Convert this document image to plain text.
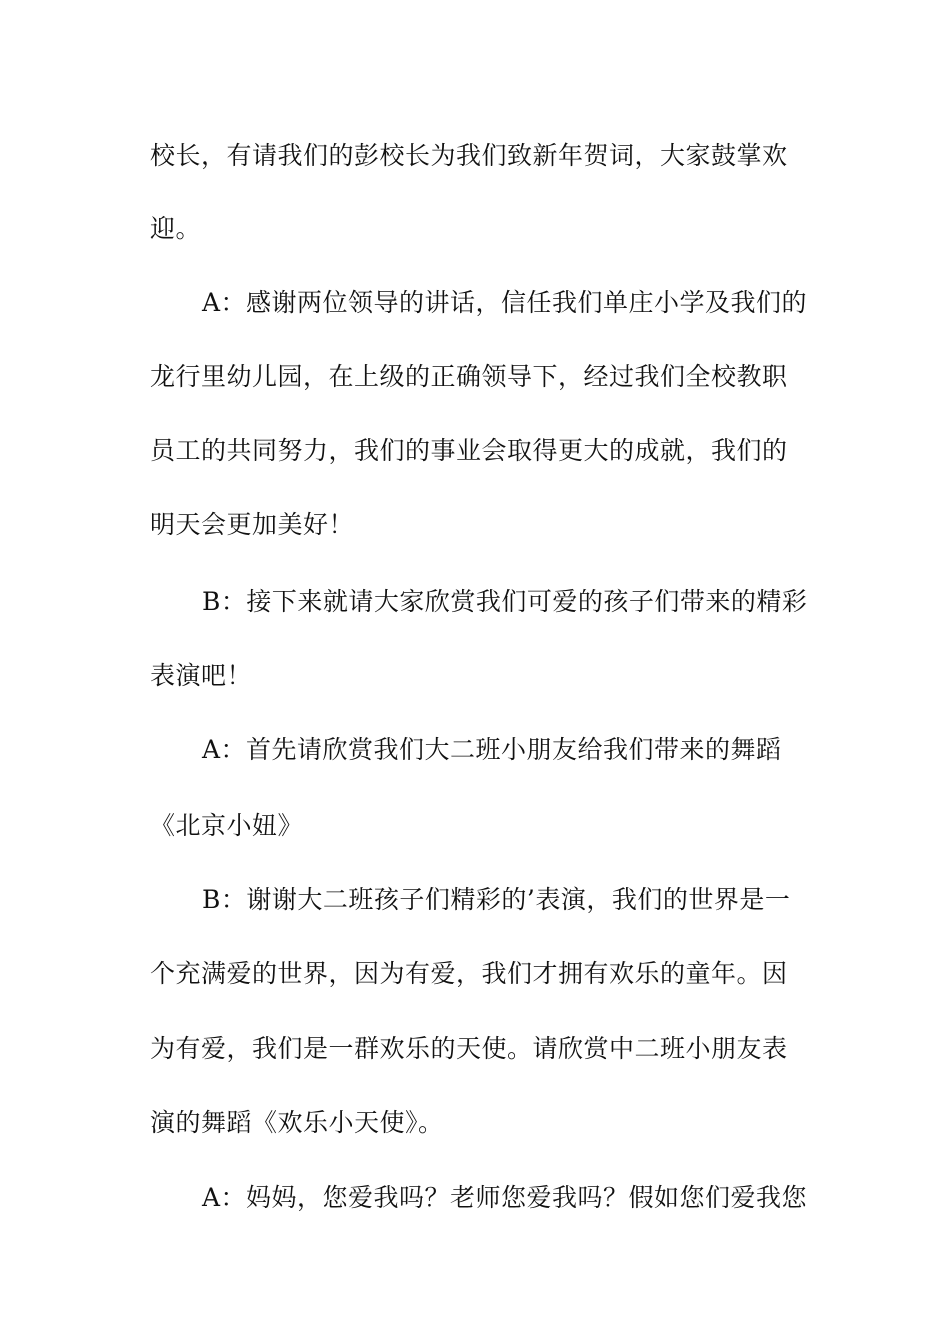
校长，有请我们的彭校长为我们致新年贺词，大家鼓掌欢
迎。
A：感谢两位领导的讲话，信任我们单庄小学及我们的
龙行里幼儿园，在上级的正确领导下，经过我们全校教职
员工的共同努力，我们的事业会取得更大的成就，我们的
明天会更加美好！
B：接下来就请大家欣赏我们可爱的孩子们带来的精彩
表演吧！
A：首先请欣赏我们大二班小朋友给我们带来的舞蹈
《北京小妞》
B：谢谢大二班孩子们精彩的’表演，我们的世界是一
个充满爱的世界，因为有爱，我们才拥有欢乐的童年。因
为有爱，我们是一群欢乐的天使。请欣赏中二班小朋友表
演的舞蹈《欢乐小天使》。
A：妈妈，您爱我吗？老师您爱我吗？假如您们爱我您
